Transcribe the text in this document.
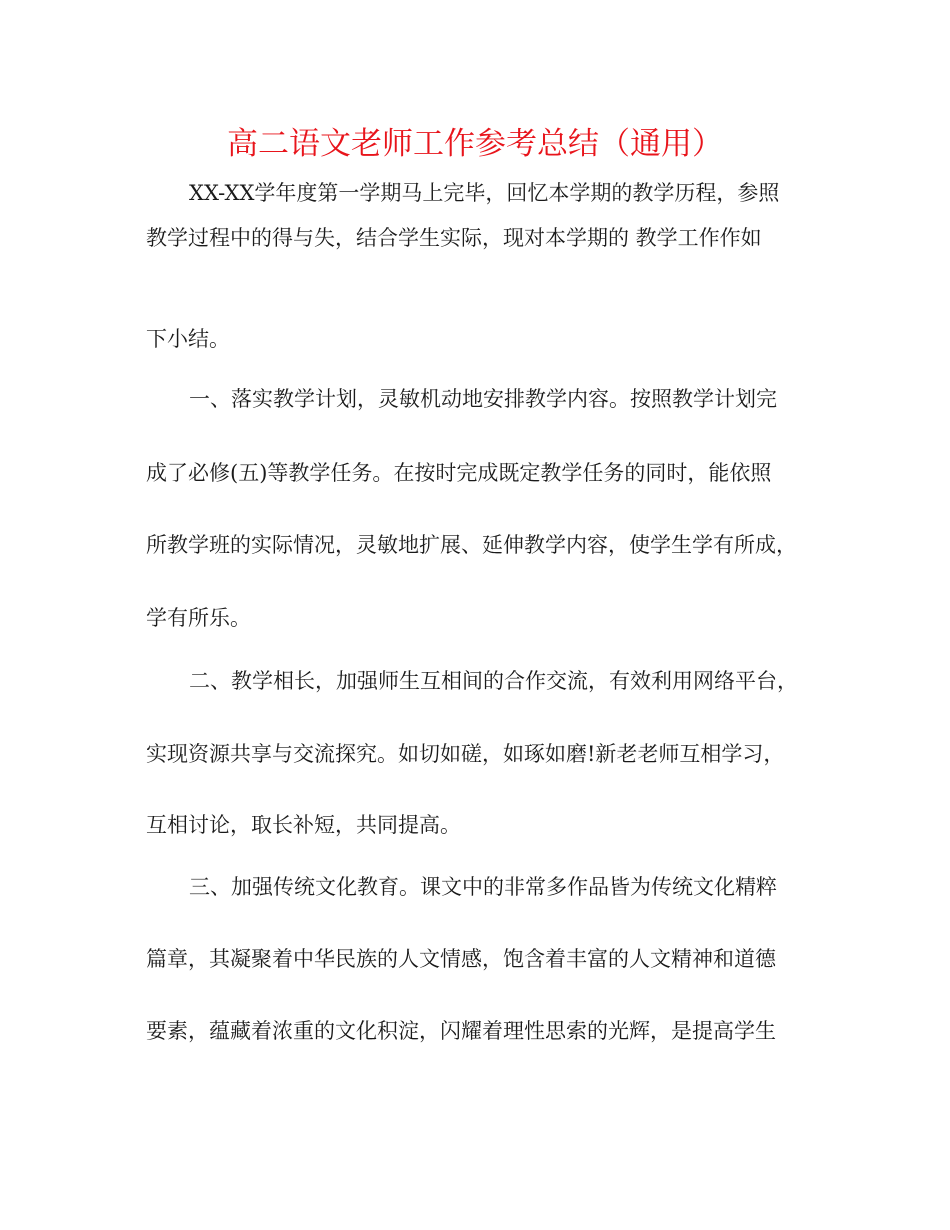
高二语文老师工作参考总结（通用）
XX-XX学年度第一学期马上完毕，回忆本学期的教学历程，参照
教学过程中的得与失，结合学生实际，现对本学期的 教学工作作如
下小结。
一、落实教学计划，灵敏机动地安排教学内容。按照教学计划完
成了必修(五)等教学任务。在按时完成既定教学任务的同时，能依照
所教学班的实际情况，灵敏地扩展、延伸教学内容，使学生学有所成，
学有所乐。
二、教学相长，加强师生互相间的合作交流，有效利用网络平台，
实现资源共享与交流探究。如切如磋，如琢如磨!新老老师互相学习，
互相讨论，取长补短，共同提高。
三、加强传统文化教育。课文中的非常多作品皆为传统文化精粹
篇章，其凝聚着中华民族的人文情感，饱含着丰富的人文精神和道德
要素，蕴藏着浓重的文化积淀，闪耀着理性思索的光辉，是提高学生
